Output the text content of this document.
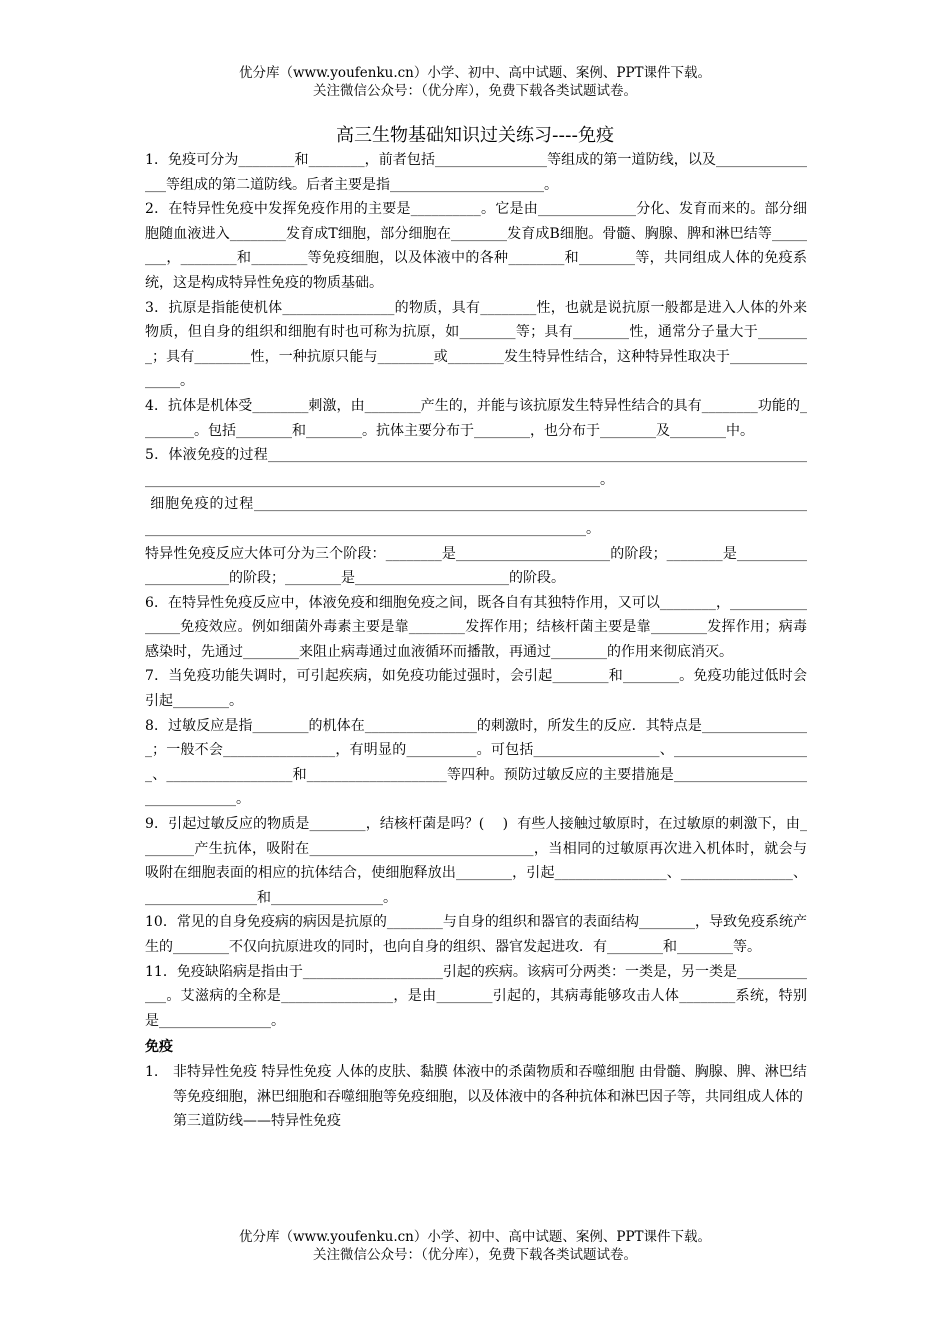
优分库（www.youfenku.cn）小学、初中、高中试题、案例、PPT课件下载。
关注微信公众号：（优分库），免费下载各类试题试卷。
高三生物基础知识过关练习----免疫

1．免疫可分为________和________，前者包括________________等组成的第一道防线，以及________________等组成的第二道防线。后者主要是指______________________。

2．在特异性免疫中发挥免疫作用的主要是__________。它是由______________分化、发育而来的。部分细胞随血液进入________发育成T细胞，部分细胞在________发育成B细胞。骨髓、胸腺、脾和淋巴结等________，________和________等免疫细胞，以及体液中的各种________和________等，共同组成人体的免疫系统，这是构成特异性免疫的物质基础。

3．抗原是指能使机体________________的物质，具有________性，也就是说抗原一般都是进入人体的外来物质，但自身的组织和细胞有时也可称为抗原，如________等；具有________性，通常分子量大于________；具有________性，一种抗原只能与________或________发生特异性结合，这种特异性取决于________________。

4．抗体是机体受________刺激，由________产生的，并能与该抗原发生特异性结合的具有________功能的________。包括________和________。抗体主要分布于________，也分布于________及________中。

5．体液免疫的过程______________________________________________________________________________________________________________________________________________。

细胞免疫的过程______________________________________________________________________________________________________________________________________________。

特异性免疫反应大体可分为三个阶段：________是______________________的阶段；________是______________________的阶段；________是______________________的阶段。

6．在特异性免疫反应中，体液免疫和细胞免疫之间，既各自有其独特作用，又可以________，________________免疫效应。例如细菌外毒素主要是靠________发挥作用；结核杆菌主要是靠________发挥作用；病毒感染时，先通过________来阻止病毒通过血液循环而播散，再通过________的作用来彻底消灭。

7．当免疫功能失调时，可引起疾病，如免疫功能过强时，会引起________和________。免疫功能过低时会引起________。

8．过敏反应是指________的机体在________________的刺激时，所发生的反应．其特点是________________；一般不会________________，有明显的__________。可包括__________________、____________________、__________________和____________________等四种。预防过敏反应的主要措施是________________________________。

9．引起过敏反应的物质是________，结核杆菌是吗？(    )  有些人接触过敏原时，在过敏原的刺激下，由________产生抗体，吸附在________________________________，当相同的过敏原再次进入机体时，就会与吸附在细胞表面的相应的抗体结合，使细胞释放出________，引起________________、________________、________________和________________。

10．常见的自身免疫病的病因是抗原的________与自身的组织和器官的表面结构________，导致免疫系统产生的________不仅向抗原进攻的同时，也向自身的组织、器官发起进攻．有________和________等。

11．免疫缺陷病是指由于____________________引起的疾病。该病可分两类：一类是，另一类是_____________。艾滋病的全称是________________，是由________引起的，其病毒能够攻击人体________系统，特别是________________。

免疫

1.	非特异性免疫 特异性免疫 人体的皮肤、黏膜 体液中的杀菌物质和吞噬细胞 由骨髓、胸腺、脾、淋巴结等免疫细胞，淋巴细胞和吞噬细胞等免疫细胞，以及体液中的各种抗体和淋巴因子等，共同组成人体的第三道防线——特异性免疫
优分库（www.youfenku.cn）小学、初中、高中试题、案例、PPT课件下载。
关注微信公众号：（优分库），免费下载各类试题试卷。
